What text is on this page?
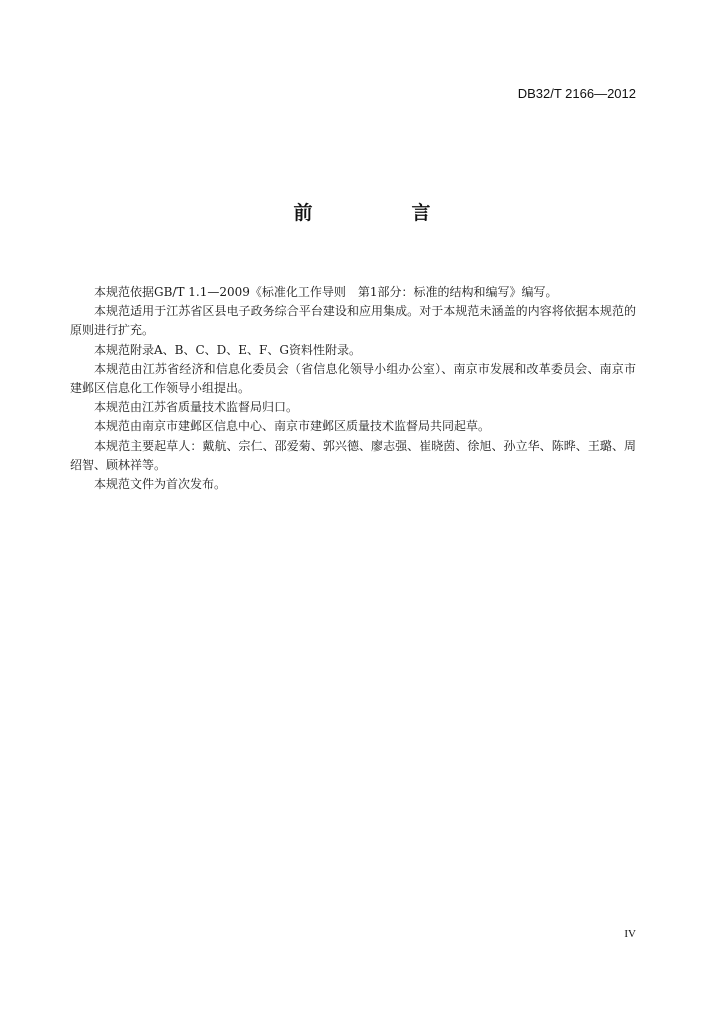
DB32/T 2166—2012
前　言

本规范依据GB/T 1.1—2009《标准化工作导则　第1部分：标准的结构和编写》编写。

本规范适用于江苏省区县电子政务综合平台建设和应用集成。对于本规范未涵盖的内容将依据本规范的原则进行扩充。

本规范附录A、B、C、D、E、F、G资料性附录。

本规范由江苏省经济和信息化委员会（省信息化领导小组办公室）、南京市发展和改革委员会、南京市建邺区信息化工作领导小组提出。

本规范由江苏省质量技术监督局归口。

本规范由南京市建邺区信息中心、南京市建邺区质量技术监督局共同起草。

本规范主要起草人：戴航、宗仁、邵爱菊、郭兴德、廖志强、崔晓茵、徐旭、孙立华、陈晔、王璐、周绍智、顾林祥等。

本规范文件为首次发布。

IV
